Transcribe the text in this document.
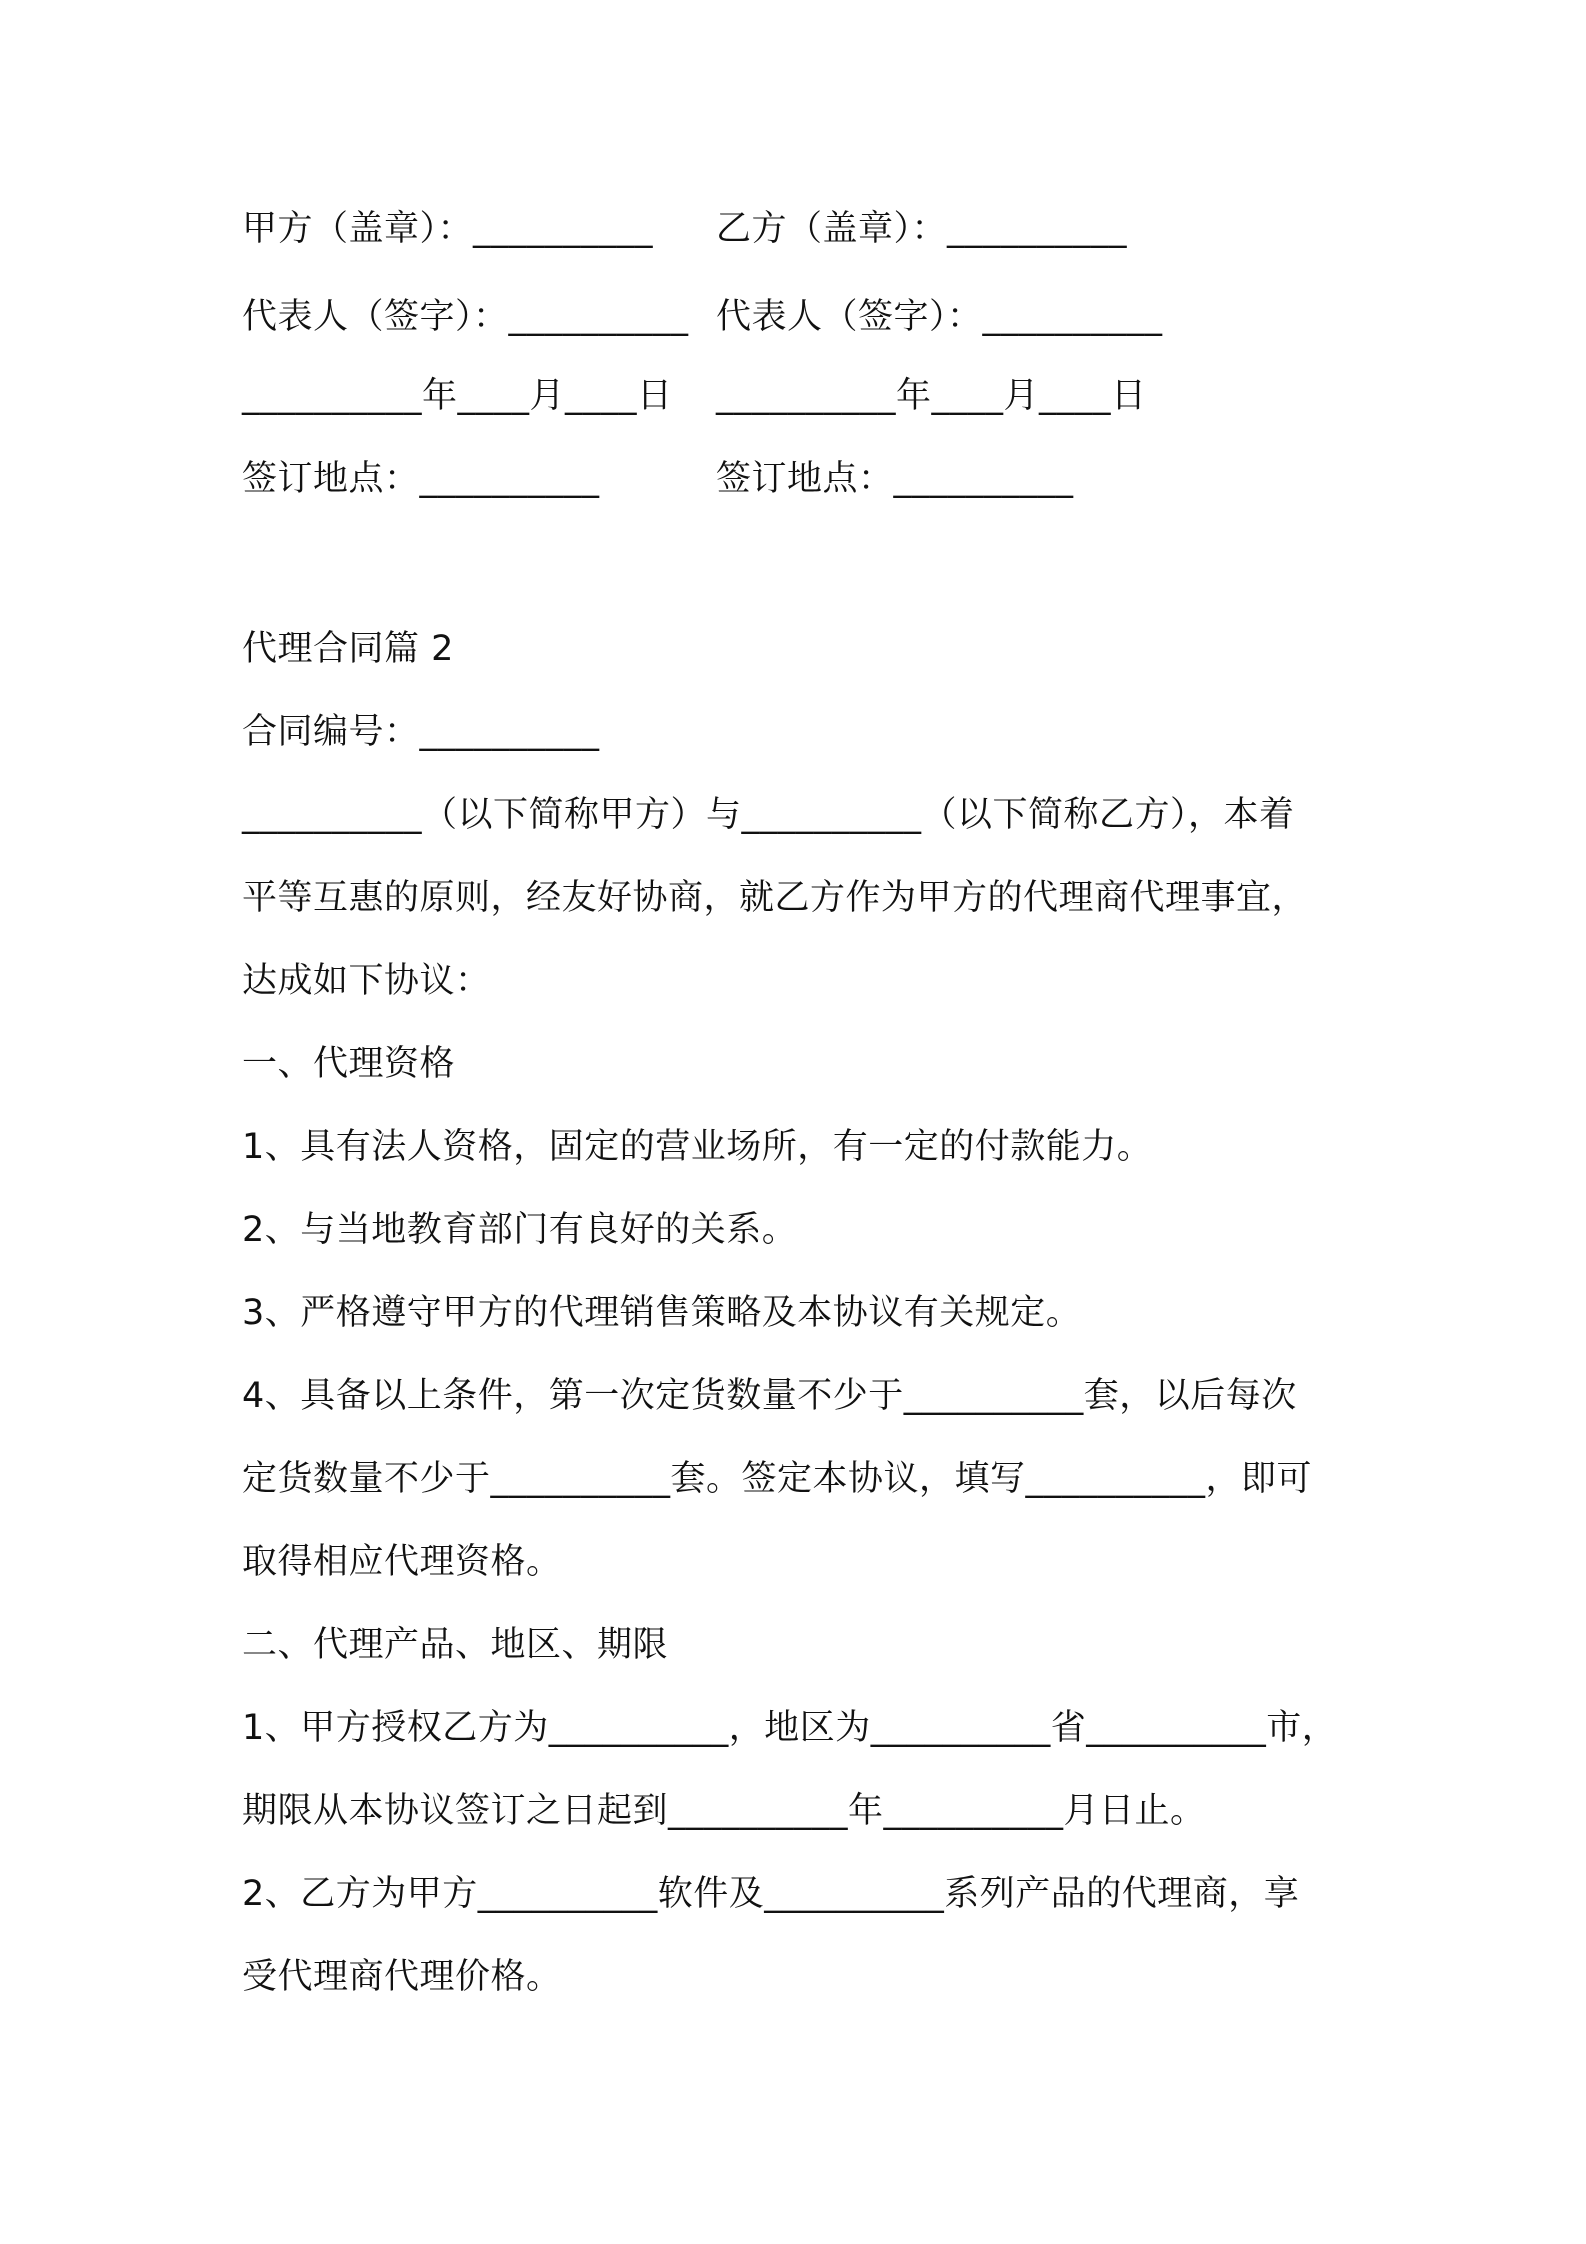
甲方（盖章）：__________ 乙方（盖章）：__________
代表人（签字）：__________ 代表人（签字）：__________
__________年____月____日 __________年____月____日
签订地点：__________	签订地点：__________
代理合同篇 2
合同编号：__________
__________（以下简称甲方）与__________（以下简称乙方），本着
平等互惠的原则，经友好协商，就乙方作为甲方的代理商代理事宜，
达成如下协议：
一、代理资格
1、具有法人资格，固定的营业场所，有一定的付款能力。
2、与当地教育部门有良好的关系。
3、严格遵守甲方的代理销售策略及本协议有关规定。
4、具备以上条件，第一次定货数量不少于__________套，以后每次
定货数量不少于__________套。签定本协议，填写__________，即可
取得相应代理资格。
二、代理产品、地区、期限
1、甲方授权乙方为__________，地区为__________省__________市，
期限从本协议签订之日起到__________年__________月日止。
2、乙方为甲方__________软件及__________系列产品的代理商，享
受代理商代理价格。
